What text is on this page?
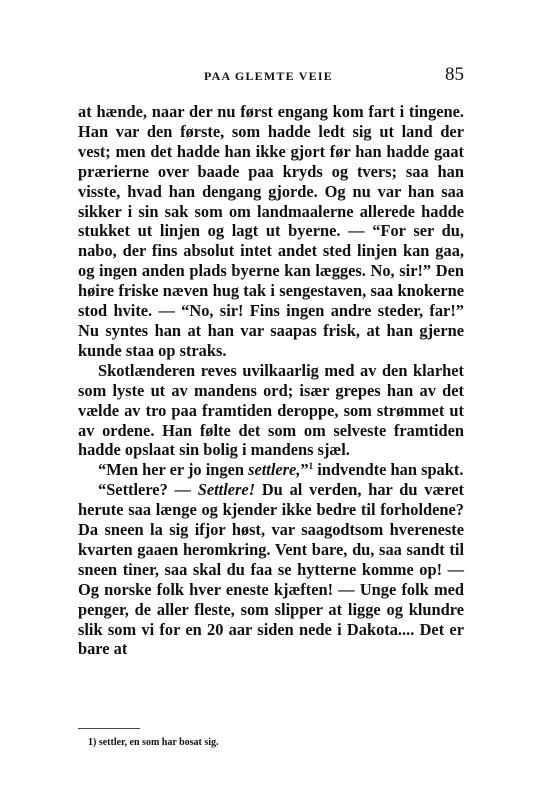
PAA GLEMTE VEIE	85

at hænde, naar der nu først engang kom fart i tingene. Han var den første, som hadde ledt sig ut land der vest; men det hadde han ikke gjort før han hadde gaat prærierne over baade paa kryds og tvers; saa han visste, hvad han dengang gjorde. Og nu var han saa sikker i sin sak som om landmaalerne allerede hadde stukket ut linjen og lagt ut byerne. — “For ser du, nabo, der fins absolut intet andet sted linjen kan gaa, og ingen anden plads byerne kan lægges. No, sir!” Den høire friske næven hug tak i sengestaven, saa knokerne stod hvite. — “No, sir! Fins ingen andre steder, far!” Nu syntes han at han var saapas frisk, at han gjerne kunde staa op straks.

Skotlænderen reves uvilkaarlig med av den klarhet som lyste ut av mandens ord; især grepes han av det vælde av tro paa framtiden deroppe, som strømmet ut av ordene. Han følte det som om selveste framtiden hadde opslaat sin bolig i mandens sjæl.

“Men her er jo ingen settlere,”$^1$ indvendte han spakt.

“Settlere? — Settlere! Du al verden, har du været herute saa længe og kjender ikke bedre til forholdene? Da sneen la sig ifjor høst, var saagodtsom hvereneste kvarten gaaen heromkring. Vent bare, du, saa sandt til sneen tiner, saa skal du faa se hytterne komme op! — Og norske folk hver eneste kjæften! — Unge folk med penger, de aller fleste, som slipper at ligge og klundre slik som vi for en 20 aar siden nede i Dakota.... Det er bare at

1) settler, en som har bosat sig.
